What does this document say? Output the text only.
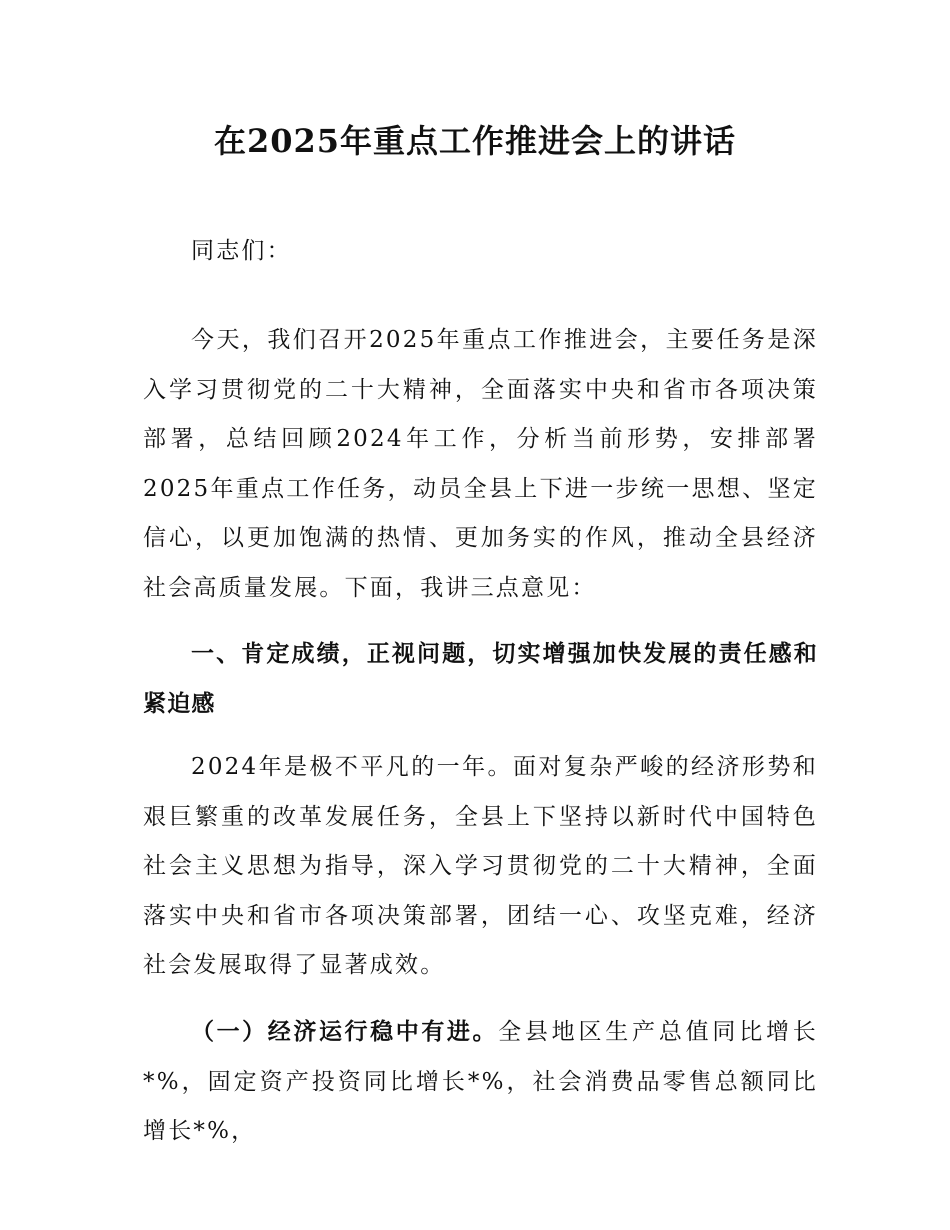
在2025年重点工作推进会上的讲话

同志们：

今天，我们召开2025年重点工作推进会，主要任务是深入学习贯彻党的二十大精神，全面落实中央和省市各项决策部署，总结回顾2024年工作，分析当前形势，安排部署2025年重点工作任务，动员全县上下进一步统一思想、坚定信心，以更加饱满的热情、更加务实的作风，推动全县经济社会高质量发展。下面，我讲三点意见：

一、肯定成绩，正视问题，切实增强加快发展的责任感和紧迫感

2024年是极不平凡的一年。面对复杂严峻的经济形势和艰巨繁重的改革发展任务，全县上下坚持以新时代中国特色社会主义思想为指导，深入学习贯彻党的二十大精神，全面落实中央和省市各项决策部署，团结一心、攻坚克难，经济社会发展取得了显著成效。

（一）经济运行稳中有进。全县地区生产总值同比增长*%，固定资产投资同比增长*%，社会消费品零售总额同比增长*%，
